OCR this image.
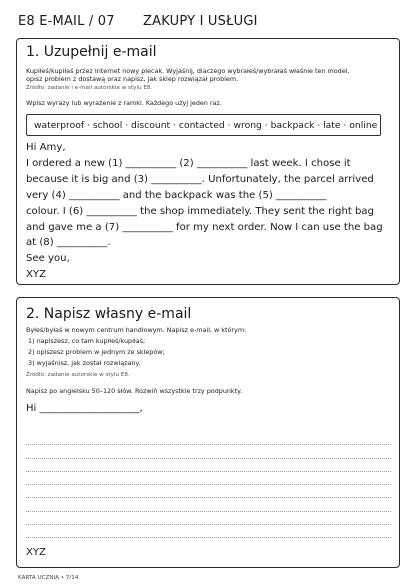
E8 E-MAIL / 07 ZAKUPY I USŁUGI
1. Uzupełnij e-mail
Kupiłeś/kupiłaś przez Internet nowy plecak. Wyjaśnij, dlaczego wybrałeś/wybrałaś właśnie ten model,
opisz problem z dostawą oraz napisz, jak sklep rozwiązał problem.
Źródło: zadanie i e-mail autorskie w stylu E8.
Wpisz wyrazy lub wyrażenie z ramki. Każdego użyj jeden raz.
waterproof · school · discount · contacted · wrong · backpack · late · online

Hi Amy,

I ordered a new (1) __________ (2) __________ last week. I chose it

because it is big and (3) __________. Unfortunately, the parcel arrived

very (4) __________ and the backpack was the (5) __________

colour. I (6) __________ the shop immediately. They sent the right bag

and gave me a (7) __________ for my next order. Now I can use the bag

at (8) __________.

See you,

XYZ

2. Napisz własny e-mail
Byłeś/byłaś w nowym centrum handlowym. Napisz e-mail, w którym:

1) napiszesz, co tam kupiłeś/kupiłaś;

2) opiszesz problem w jednym ze sklepów;

3) wyjaśnisz, jak został rozwiązany.

Źródło: zadanie autorskie w stylu E8.
Napisz po angielsku 50–120 słów. Rozwiń wszystkie trzy podpunkty.
Hi ____________________,
XYZ
KARTA UCZNIA • 7/14
